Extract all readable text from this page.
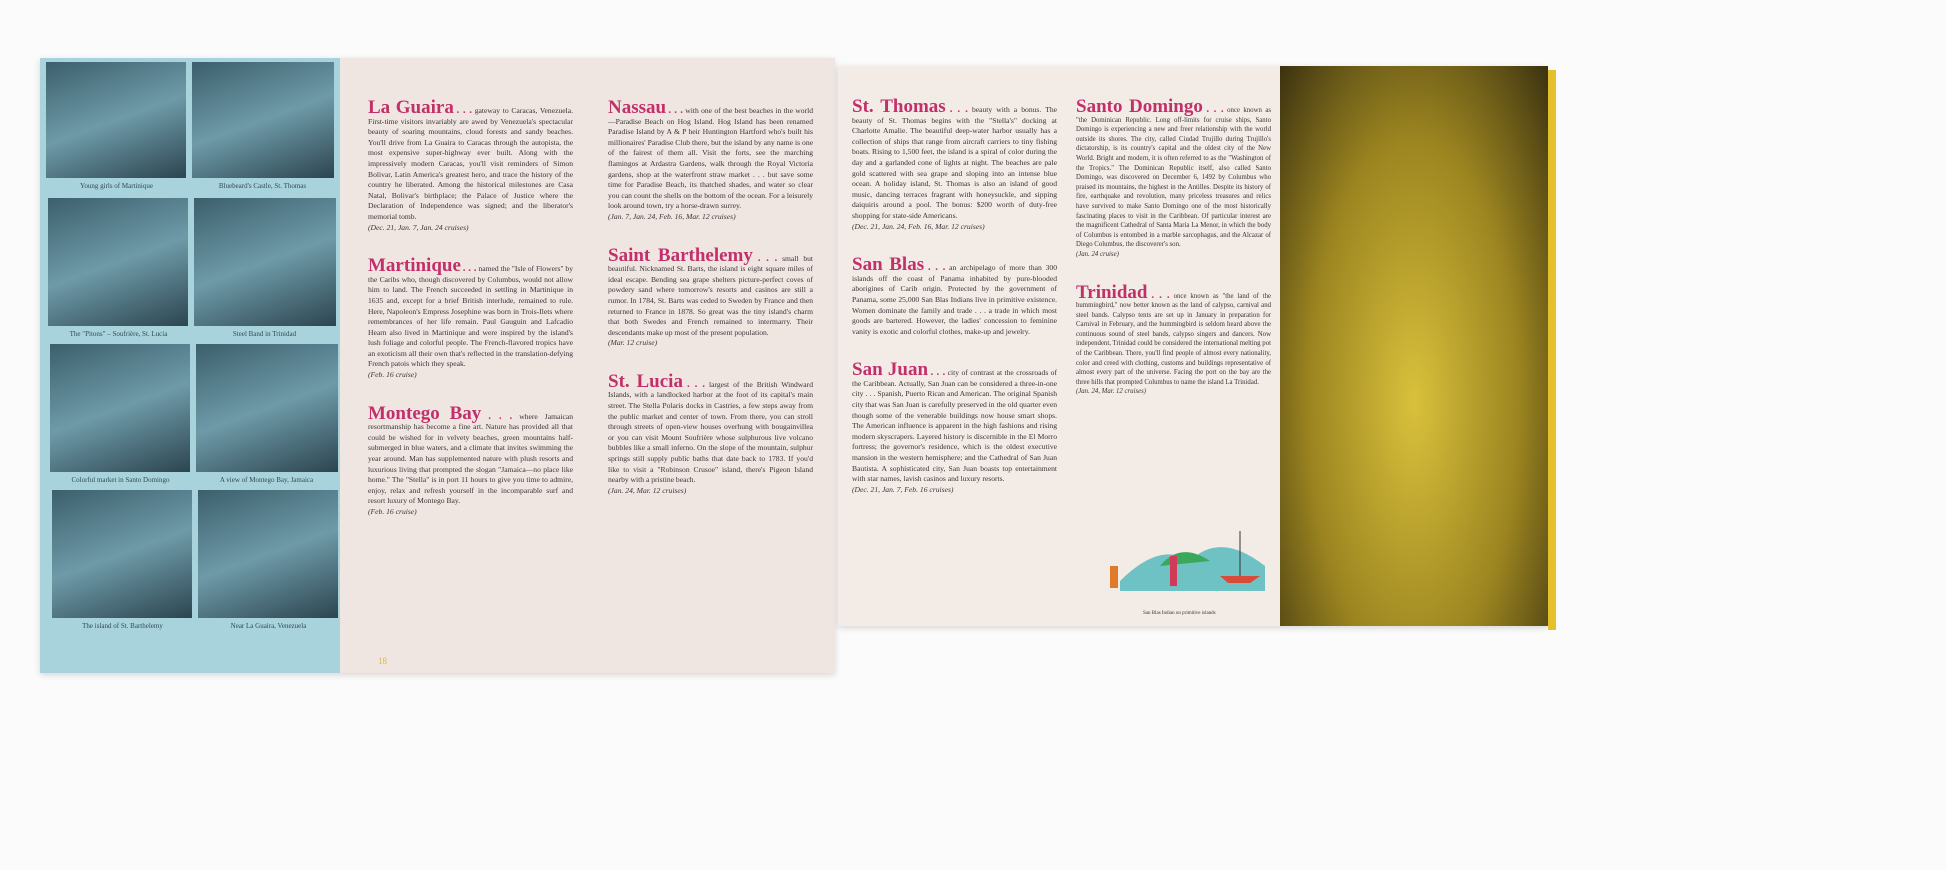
Young girls of Martinique	Bluebeard's Castle, St. Thomas
The "Pitons" – Soufrière, St. Lucia	Steel Band in Trinidad
Colorful market in Santo Domingo	A view of Montego Bay, Jamaica
The island of St. Barthelemy	Near La Guaira, Venezuela
La Guaira . . . gateway to Caracas, Venezuela. First-time visitors invariably are awed by Venezuela's spectacular beauty of soaring mountains, cloud forests and sandy beaches. You'll drive from La Guaira to Caracas through the autopista, the most expensive super-highway ever built. Along with the impressively modern Caracas, you'll visit reminders of Simon Bolivar, Latin America's greatest hero, and trace the history of the country he liberated. Among the historical milestones are Casa Natal, Bolivar's birthplace; the Palace of Justice where the Declaration of Independence was signed; and the liberator's memorial tomb.
(Dec. 21, Jan. 7, Jan. 24 cruises)
Martinique . . . named the "Isle of Flowers" by the Caribs who, though discovered by Columbus, would not allow him to land. The French succeeded in settling in Martinique in 1635 and, except for a brief British interlude, remained to rule. Here, Napoleon's Empress Josephine was born in Trois-Ilets where remembrances of her life remain. Paul Gauguin and Lafcadio Hearn also lived in Martinique and were inspired by the island's lush foliage and colorful people. The French-flavored tropics have an exoticism all their own that's reflected in the translation-defying French patois which they speak.
(Feb. 16 cruise)
Montego Bay . . . where Jamaican resortmanship has become a fine art. Nature has provided all that could be wished for in velvety beaches, green mountains half-submerged in blue waters, and a climate that invites swimming the year around. Man has supplemented nature with plush resorts and luxurious living that prompted the slogan "Jamaica—no place like home." The "Stella" is in port 11 hours to give you time to admire, enjoy, relax and refresh yourself in the incomparable surf and resort luxury of Montego Bay.
(Feb. 16 cruise)
Nassau . . . with one of the best beaches in the world—Paradise Beach on Hog Island. Hog Island has been renamed Paradise Island by A & P heir Huntington Hartford who's built his millionaires' Paradise Club there, but the island by any name is one of the fairest of them all. Visit the forts, see the marching flamingos at Ardastra Gardens, walk through the Royal Victoria gardens, shop at the waterfront straw market . . . but save some time for Paradise Beach, its thatched shades, and water so clear you can count the shells on the bottom of the ocean. For a leisurely look around town, try a horse-drawn surrey.
(Jan. 7, Jan. 24, Feb. 16, Mar. 12 cruises)
Saint Barthelemy . . . small but beautiful. Nicknamed St. Barts, the island is eight square miles of ideal escape. Bending sea grape shelters picture-perfect coves of powdery sand where tomorrow's resorts and casinos are still a rumor. In 1784, St. Barts was ceded to Sweden by France and then returned to France in 1878. So great was the tiny island's charm that both Swedes and French remained to intermarry. Their descendants make up most of the present population.
(Mar. 12 cruise)
St. Lucia . . . largest of the British Windward Islands, with a landlocked harbor at the foot of its capital's main street. The Stella Polaris docks in Castries, a few steps away from the public market and center of town. From there, you can stroll through streets of open-view houses overhung with bougainvillea or you can visit Mount Soufrière whose sulphurous live volcano bubbles like a small inferno. On the slope of the mountain, sulphur springs still supply public baths that date back to 1783. If you'd like to visit a "Robinson Crusoe" island, there's Pigeon Island nearby with a pristine beach.
(Jan. 24, Mar. 12 cruises)
18
St. Thomas . . . beauty with a bonus. The beauty of St. Thomas begins with the "Stella's" docking at Charlotte Amalie. The beautiful deep-water harbor usually has a collection of ships that range from aircraft carriers to tiny fishing boats. Rising to 1,500 feet, the island is a spiral of color during the day and a garlanded cone of lights at night. The beaches are pale gold scattered with sea grape and sloping into an intense blue ocean. A holiday island, St. Thomas is also an island of good music, dancing terraces fragrant with honeysuckle, and sipping daiquiris around a pool. The bonus: $200 worth of duty-free shopping for state-side Americans.
(Dec. 21, Jan. 24, Feb. 16, Mar. 12 cruises)
San Blas . . . an archipelago of more than 300 islands off the coast of Panama inhabited by pure-blooded aborigines of Carib origin. Protected by the government of Panama, some 25,000 San Blas Indians live in primitive existence. Women dominate the family and trade . . . a trade in which most goods are bartered. However, the ladies' concession to feminine vanity is exotic and colorful clothes, make-up and jewelry.
San Juan . . . city of contrast at the crossroads of the Caribbean. Actually, San Juan can be considered a three-in-one city . . . Spanish, Puerto Rican and American. The original Spanish city that was San Juan is carefully preserved in the old quarter even though some of the venerable buildings now house smart shops. The American influence is apparent in the high fashions and rising modern skyscrapers. Layered history is discernible in the El Morro fortress; the governor's residence, which is the oldest executive mansion in the western hemisphere; and the Cathedral of San Juan Bautista. A sophisticated city, San Juan boasts top entertainment with star names, lavish casinos and luxury resorts.
(Dec. 21, Jan. 7, Feb. 16 cruises)
Santo Domingo . . . once known as "the Dominican Republic. Long off-limits for cruise ships, Santo Domingo is experiencing a new and freer relationship with the world outside its shores. The city, called Ciudad Trujillo during Trujillo's dictatorship, is its country's capital and the oldest city of the New World. Bright and modern, it is often referred to as the "Washington of the Tropics." The Dominican Republic itself, also called Santo Domingo, was discovered on December 6, 1492 by Columbus who praised its mountains, the highest in the Antilles. Despite its history of fire, earthquake and revolution, many priceless treasures and relics have survived to make Santo Domingo one of the most historically fascinating places to visit in the Caribbean. Of particular interest are the magnificent Cathedral of Santa Maria La Menor, in which the body of Columbus is entombed in a marble sarcophagus, and the Alcazar of Diego Columbus, the discoverer's son.
(Jan. 24 cruise)
Trinidad . . . once known as "the land of the hummingbird," now better known as the land of calypso, carnival and steel bands. Calypso tents are set up in January in preparation for Carnival in February, and the hummingbird is seldom heard above the continuous sound of steel bands, calypso singers and dancers. Now independent, Trinidad could be considered the international melting pot of the Caribbean. There, you'll find people of almost every nationality, color and creed with clothing, customs and buildings representative of almost every part of the universe. Facing the port on the bay are the three hills that prompted Columbus to name the island La Trinidad.
(Jan. 24, Mar. 12 cruises)
San Blas Indian on primitive islands
